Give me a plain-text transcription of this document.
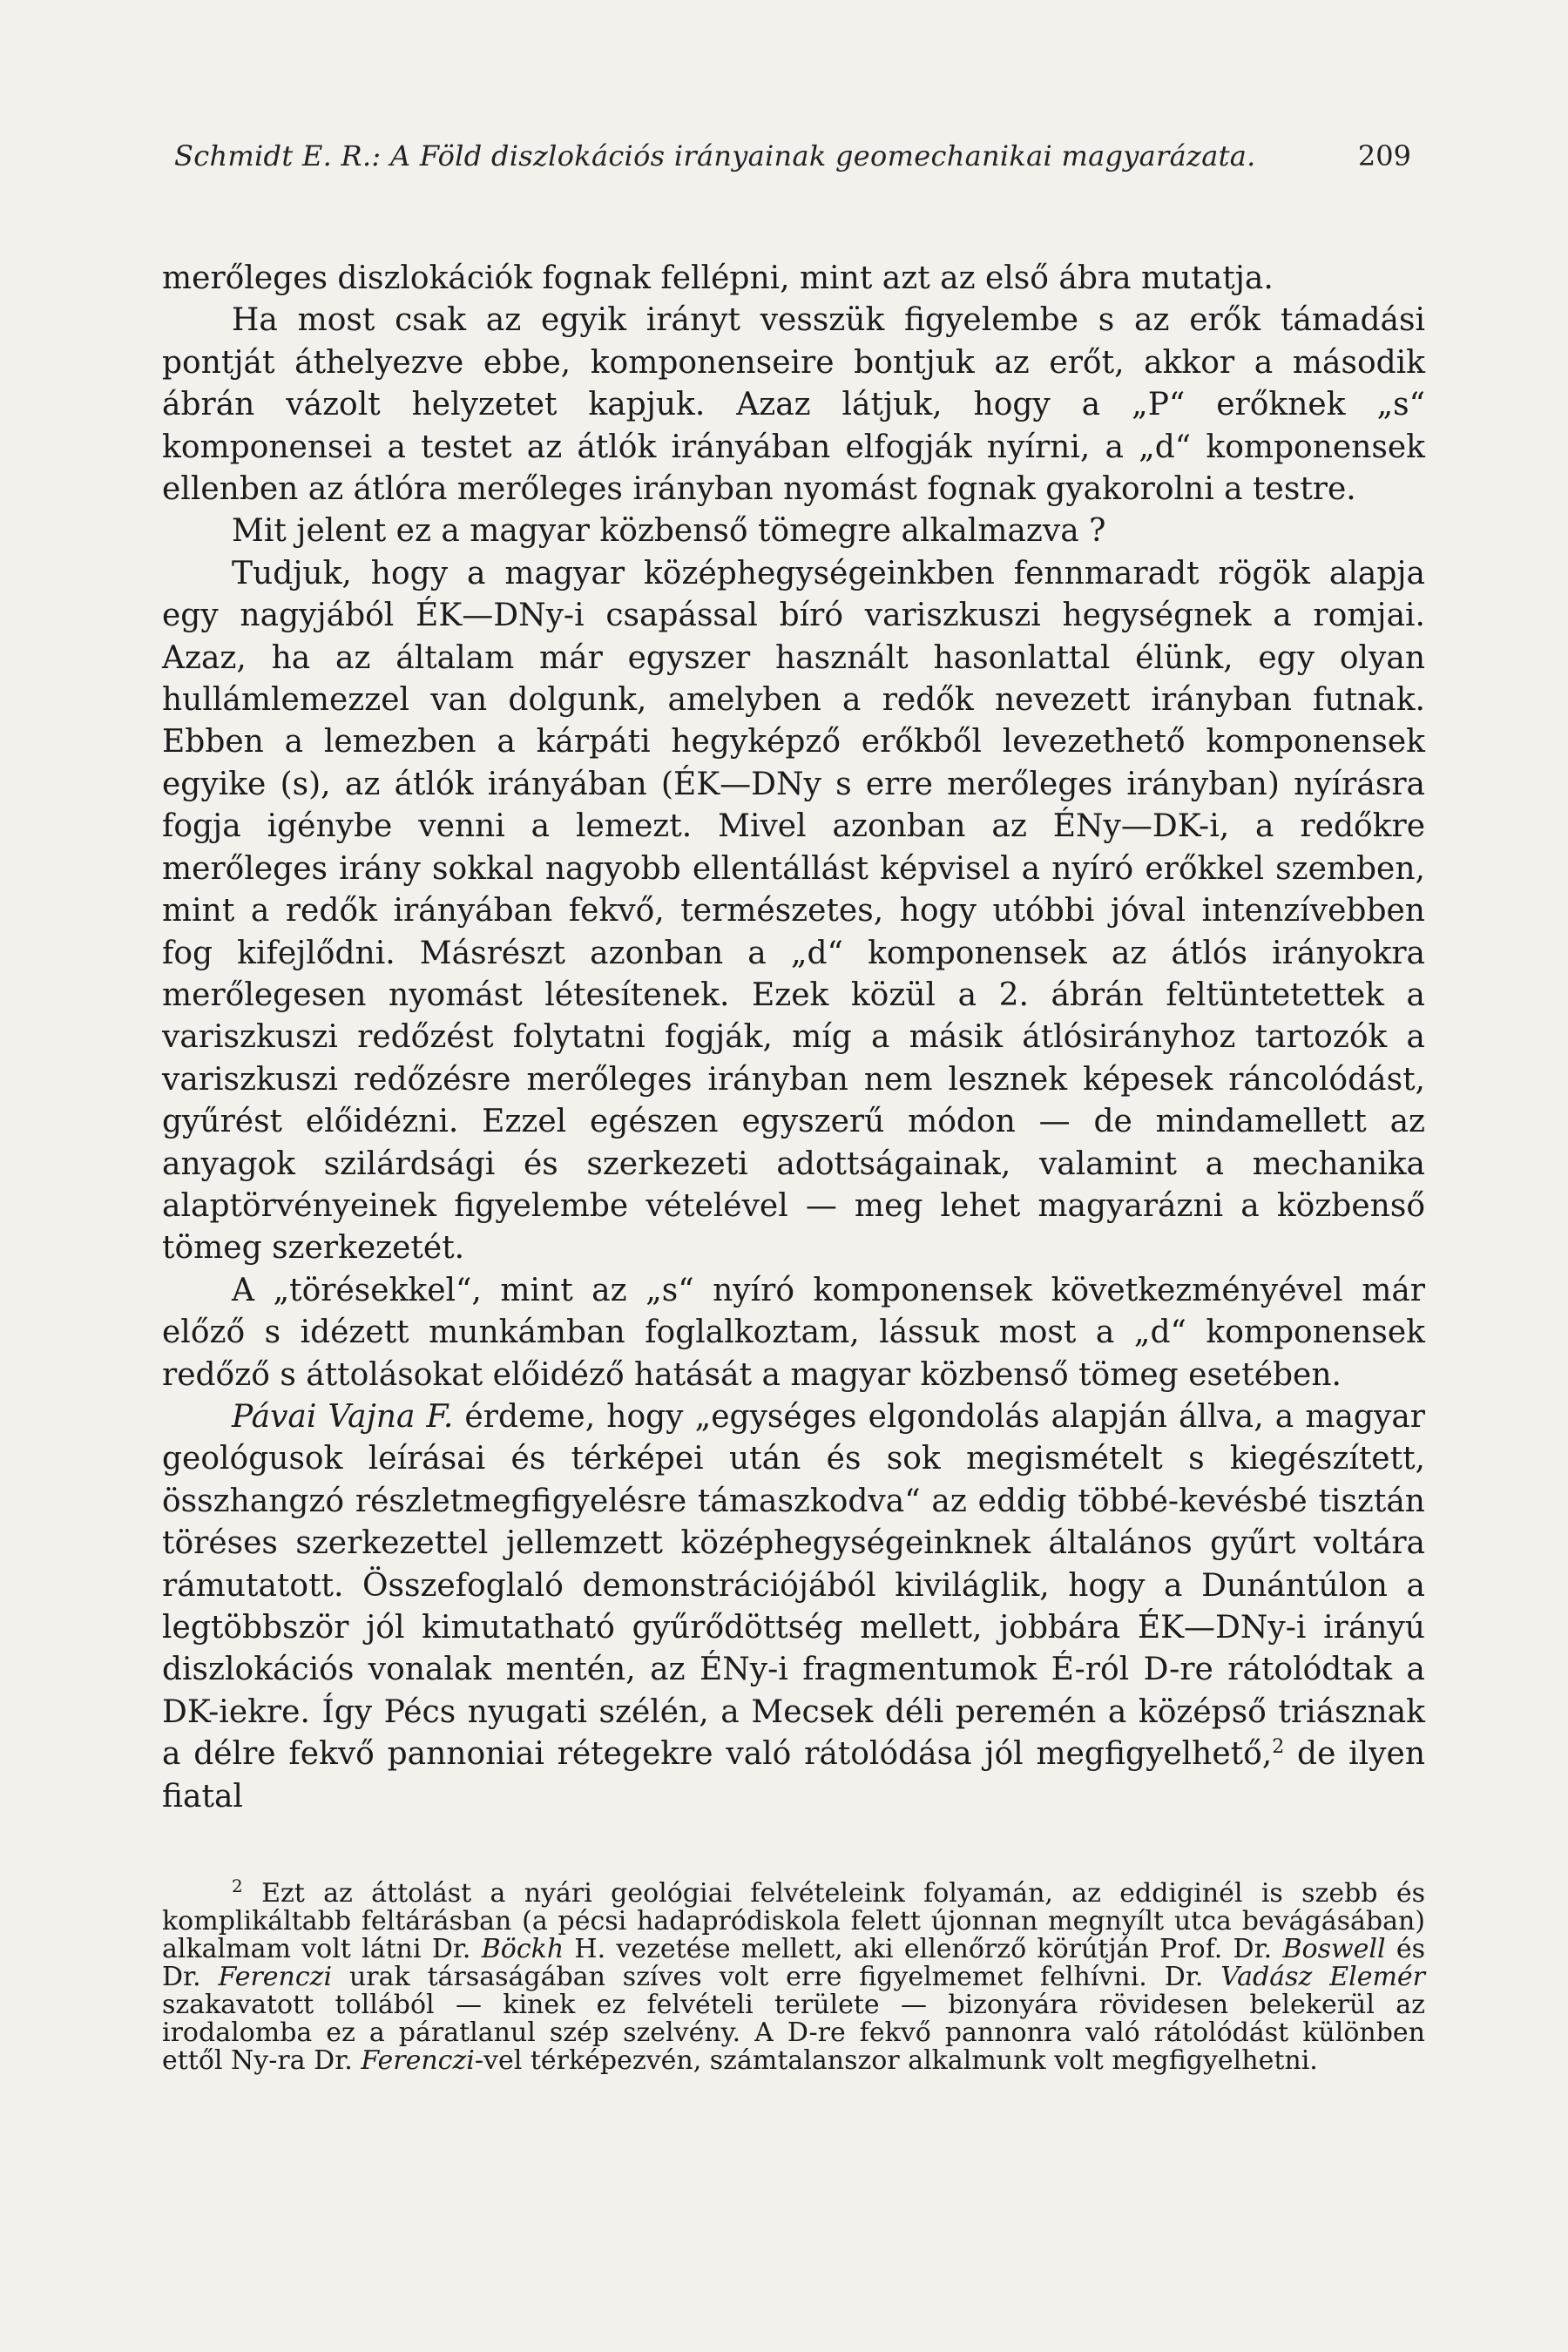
Schmidt E. R.: A Föld diszlokációs irányainak geomechanikai magyarázata.	209

merőleges diszlokációk fognak fellépni, mint azt az első ábra mutatja.

Ha most csak az egyik irányt vesszük figyelembe s az erők támadási pontját áthelyezve ebbe, komponenseire bontjuk az erőt, akkor a második ábrán vázolt helyzetet kapjuk. Azaz látjuk, hogy a „P“ erőknek „s“ komponensei a testet az átlók irányában elfogják nyírni, a „d“ komponensek ellenben az átlóra merőleges irányban nyomást fognak gyakorolni a testre.

Mit jelent ez a magyar közbenső tömegre alkalmazva ?

Tudjuk, hogy a magyar középhegységeinkben fennmaradt rögök alapja egy nagyjából ÉK—DNy-i csapással bíró variszkuszi hegységnek a romjai. Azaz, ha az általam már egyszer használt hasonlattal élünk, egy olyan hullámlemezzel van dolgunk, amelyben a redők nevezett irányban futnak. Ebben a lemezben a kárpáti hegyképző erőkből levezethető komponensek egyike (s), az átlók irányában (ÉK—DNy s erre merőleges irányban) nyírásra fogja igénybe venni a lemezt. Mivel azonban az ÉNy—DK-i, a redőkre merőleges irány sokkal nagyobb ellentállást képvisel a nyíró erőkkel szemben, mint a redők irányában fekvő, természetes, hogy utóbbi jóval intenzívebben fog kifejlődni. Másrészt azonban a „d“ komponensek az átlós irányokra merőlegesen nyomást létesítenek. Ezek közül a 2. ábrán feltüntetettek a variszkuszi redőzést folytatni fogják, míg a másik átlósirányhoz tartozók a variszkuszi redőzésre merőleges irányban nem lesznek képesek ráncolódást, gyűrést előidézni. Ezzel egészen egyszerű módon — de mindamellett az anyagok szilárdsági és szerkezeti adottságainak, valamint a mechanika alaptörvényeinek figyelembe vételével — meg lehet magyarázni a közbenső tömeg szerkezetét.

A „törésekkel“, mint az „s“ nyíró komponensek következményével már előző s idézett munkámban foglalkoztam, lássuk most a „d“ komponensek redőző s áttolásokat előidéző hatását a magyar közbenső tömeg esetében.

Pávai Vajna F. érdeme, hogy „egységes elgondolás alapján állva, a magyar geológusok leírásai és térképei után és sok megismételt s kiegészített, összhangzó részletmegfigyelésre támaszkodva“ az eddig többé-kevésbé tisztán töréses szerkezettel jellemzett középhegységeinknek általános gyűrt voltára rámutatott. Összefoglaló demonstrációjából kiviláglik, hogy a Dunántúlon a legtöbbször jól kimutatható gyűrődöttség mellett, jobbára ÉK—DNy-i irányú diszlokációs vonalak mentén, az ÉNy-i fragmentumok É-ról D-re rátolódtak a DK-iekre. Így Pécs nyugati szélén, a Mecsek déli peremén a középső triásznak a délre fekvő pannoniai rétegekre való rátolódása jól megfigyelhető,$^2$ de ilyen fiatal

$^2$ Ezt az áttolást a nyári geológiai felvételeink folyamán, az eddiginél is szebb és komplikáltabb feltárásban (a pécsi hadapródiskola felett újonnan megnyílt utca bevágásában) alkalmam volt látni Dr. Böckh H. vezetése mellett, aki ellenőrző körútján Prof. Dr. Boswell és Dr. Ferenczi urak társaságában szíves volt erre figyelmemet felhívni. Dr. Vadász Elemér szakavatott tollából — kinek ez felvételi területe — bizonyára rövidesen belekerül az irodalomba ez a páratlanul szép szelvény. A D-re fekvő pannonra való rátolódást különben ettől Ny-ra Dr. Ferenczi-vel térképezvén, számtalanszor alkalmunk volt megfigyelhetni.
